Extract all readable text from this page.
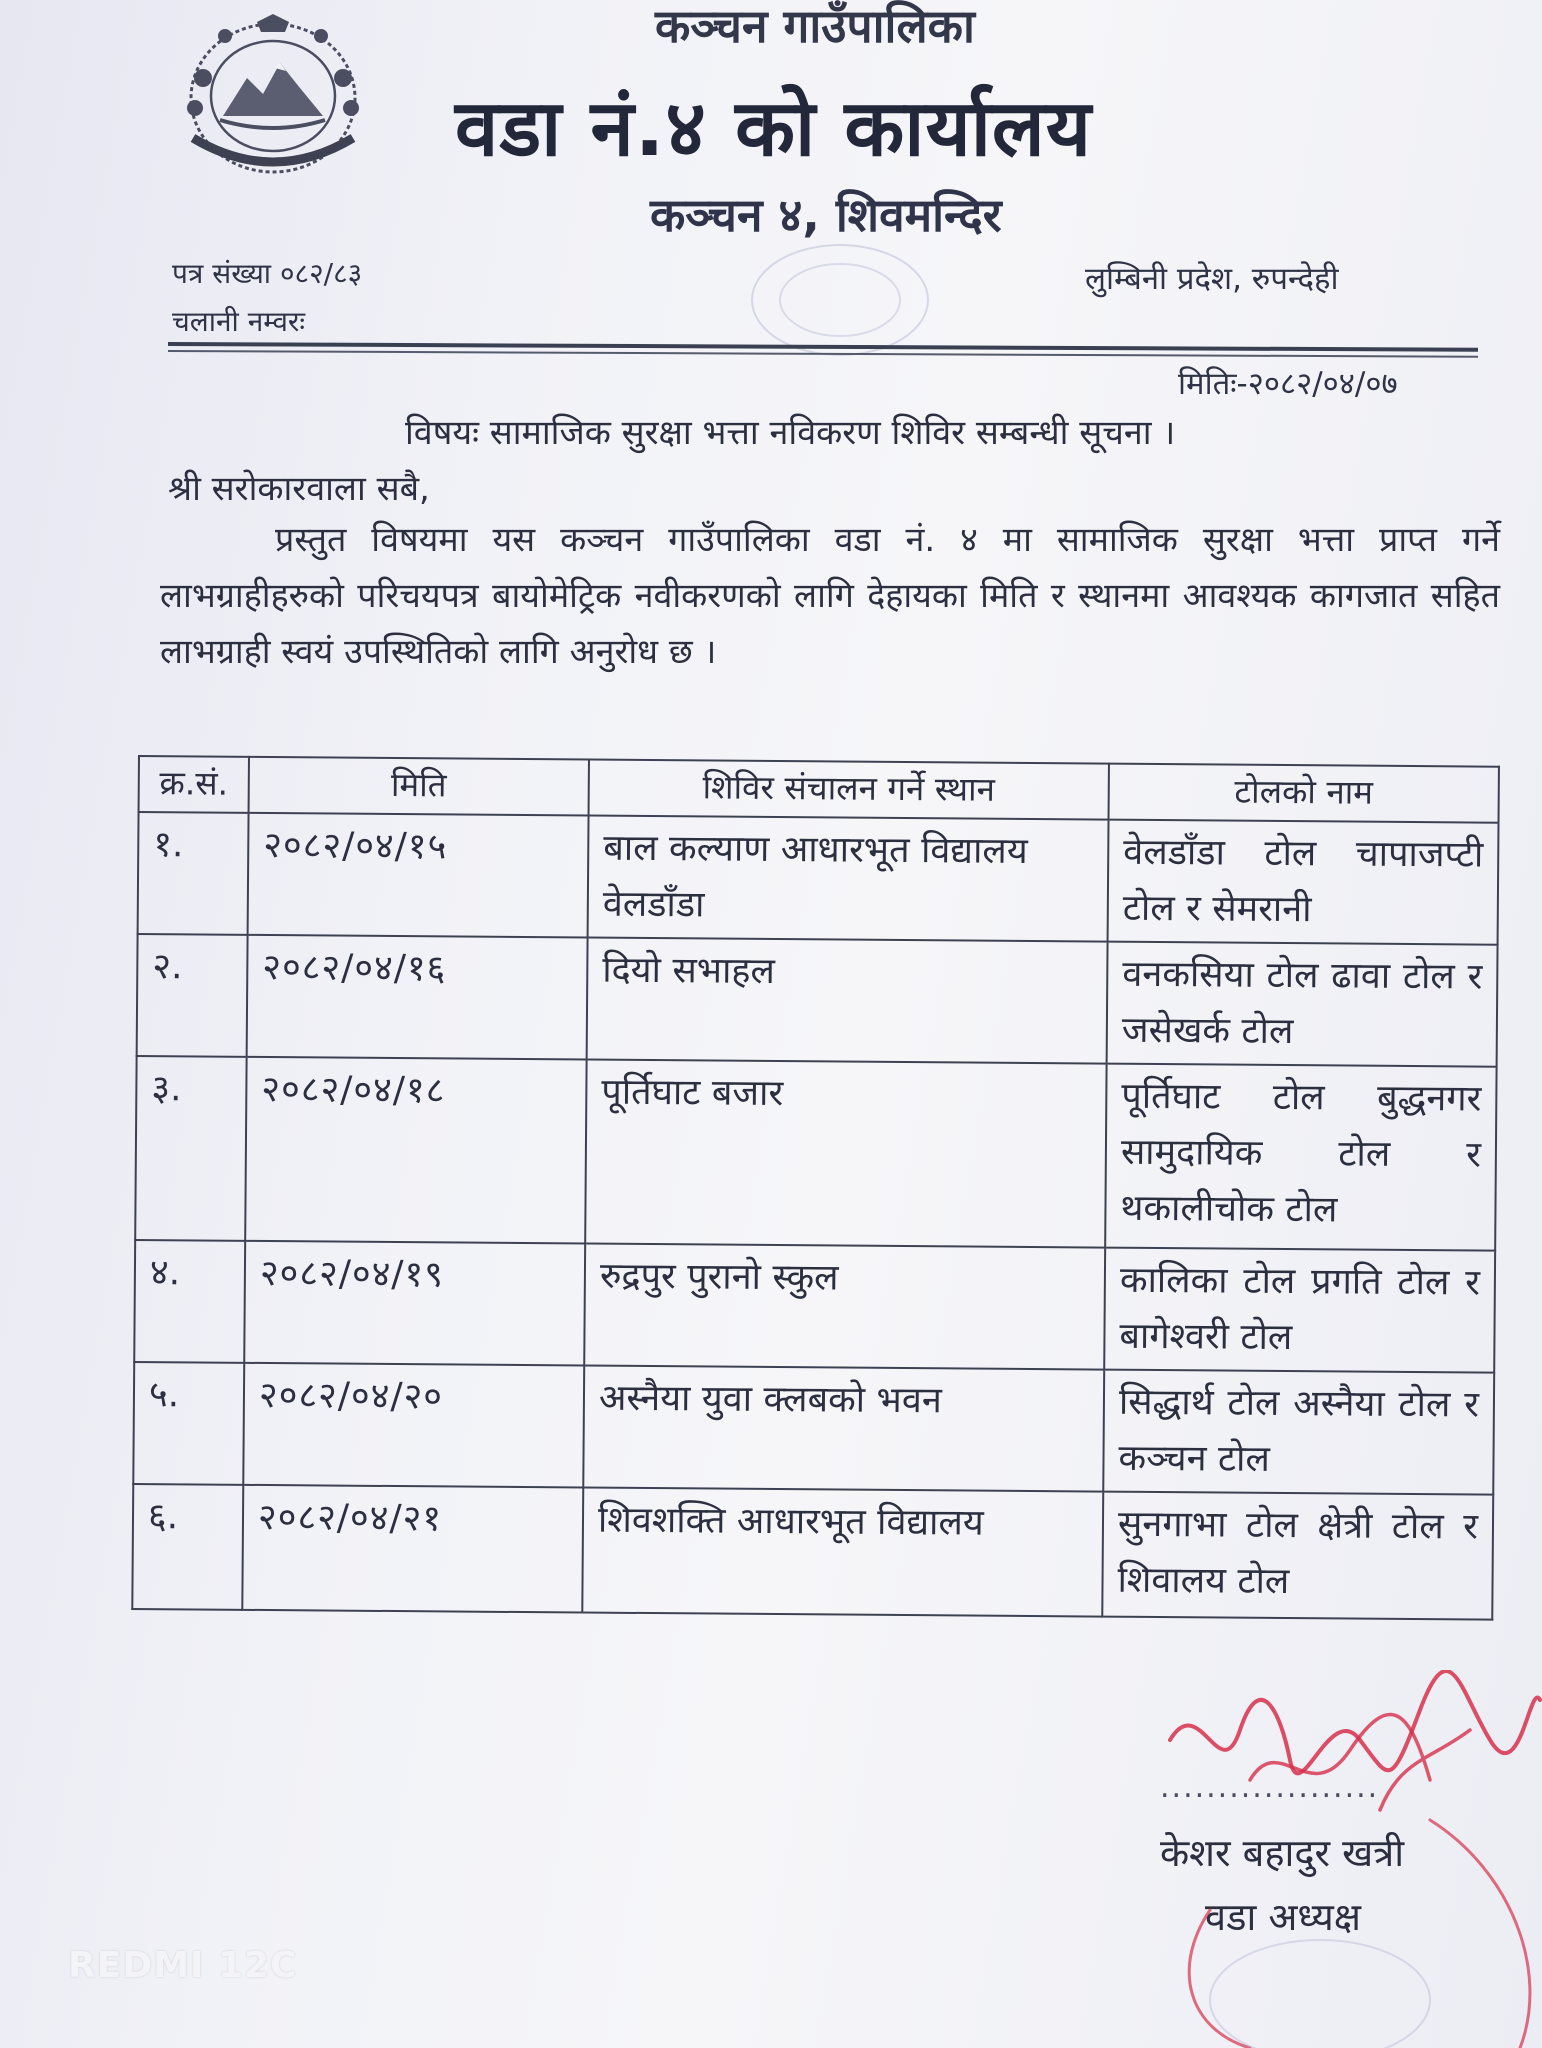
कञ्चन गाउँपालिका

वडा नं.४ को कार्यालय

कञ्चन ४, शिवमन्दिर

पत्र संख्या ०८२/८३

चलानी नम्वरः

लुम्बिनी प्रदेश, रुपन्देही

मितिः-२०८२/०४/०७

विषयः सामाजिक सुरक्षा भत्ता नविकरण शिविर सम्बन्धी सूचना ।

श्री सरोकारवाला सबै,

प्रस्तुत विषयमा यस कञ्चन गाउँपालिका वडा नं. ४ मा सामाजिक सुरक्षा भत्ता प्राप्त गर्ने लाभग्राहीहरुको परिचयपत्र बायोमेट्रिक नवीकरणको लागि देहायका मिति र स्थानमा आवश्यक कागजात सहित लाभग्राही स्वयं उपस्थितिको लागि अनुरोध छ ।

क्र.सं.	मिति	शिविर संचालन गर्ने स्थान	टोलको नाम
१.	२०८२/०४/१५	बाल कल्याण आधारभूत विद्यालय वेलडाँडा	वेलडाँडा टोल चापाजप्टी टोल र सेमरानी
२.	२०८२/०४/१६	दियो सभाहल	वनकसिया टोल ढावा टोल र जसेखर्क टोल
३.	२०८२/०४/१८	पूर्तिघाट बजार	पूर्तिघाट टोल बुद्धनगर सामुदायिक टोल र थकालीचोक टोल
४.	२०८२/०४/१९	रुद्रपुर पुरानो स्कुल	कालिका टोल प्रगति टोल र बागेश्वरी टोल
५.	२०८२/०४/२०	अस्नैया युवा क्लबको भवन	सिद्धार्थ टोल अस्नैया टोल र कञ्चन टोल
६.	२०८२/०४/२१	शिवशक्ति आधारभूत विद्यालय	सुनगाभा टोल क्षेत्री टोल र शिवालय टोल

...................

केशर बहादुर खत्री

वडा अध्यक्ष

REDMI 12C
